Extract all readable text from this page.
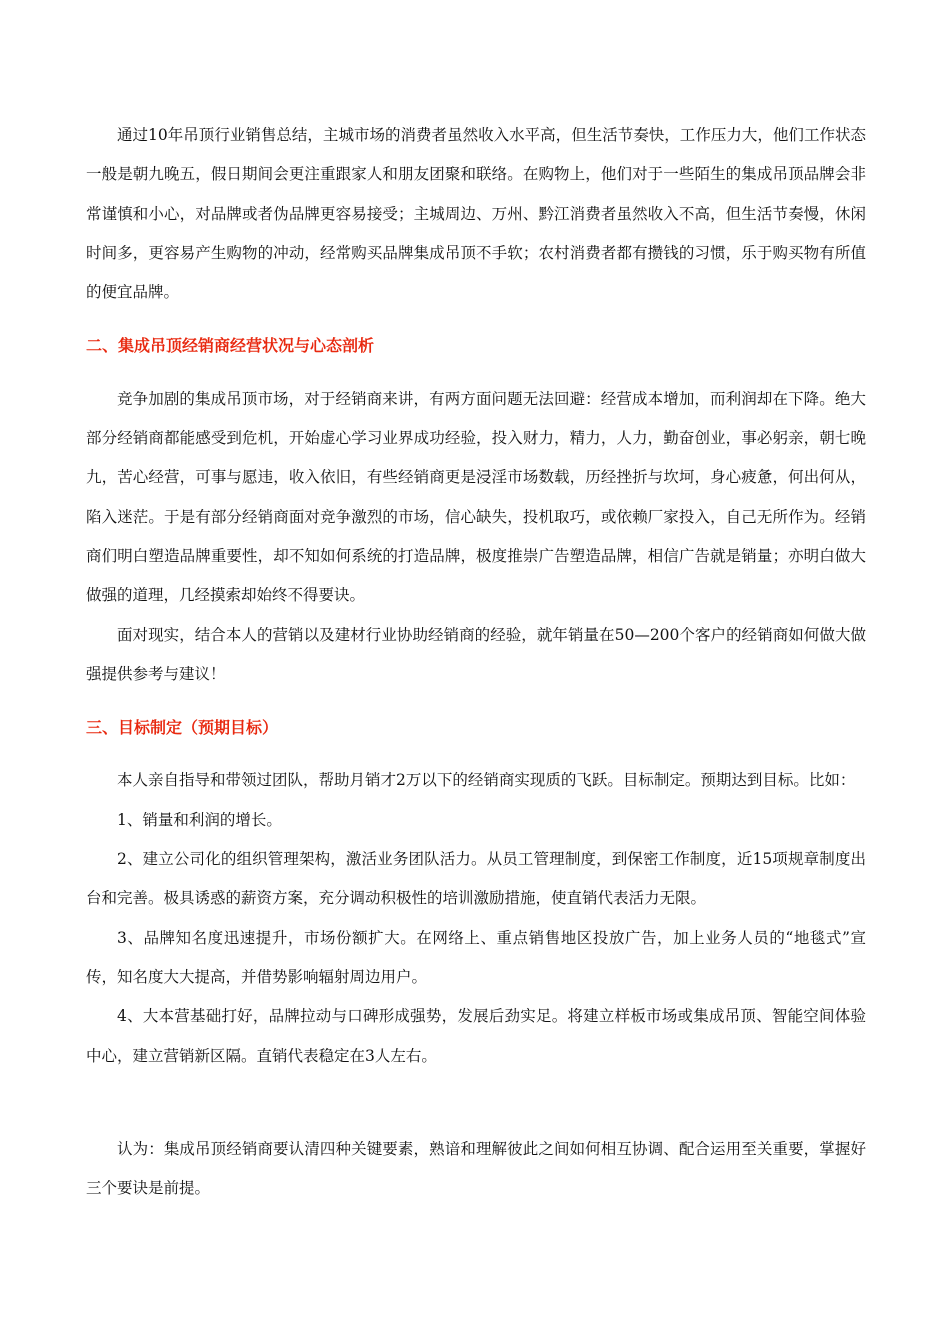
通过10年吊顶行业销售总结，主城市场的消费者虽然收入水平高，但生活节奏快，工作压力大，他们工作状态一般是朝九晚五，假日期间会更注重跟家人和朋友团聚和联络。在购物上，他们对于一些陌生的集成吊顶品牌会非常谨慎和小心，对品牌或者伪品牌更容易接受；主城周边、万州、黔江消费者虽然收入不高，但生活节奏慢，休闲时间多，更容易产生购物的冲动，经常购买品牌集成吊顶不手软；农村消费者都有攒钱的习惯，乐于购买物有所值的便宜品牌。

二、集成吊顶经销商经营状况与心态剖析

竞争加剧的集成吊顶市场，对于经销商来讲，有两方面问题无法回避：经营成本增加，而利润却在下降。绝大部分经销商都能感受到危机，开始虚心学习业界成功经验，投入财力，精力，人力，勤奋创业，事必躬亲，朝七晚九，苦心经营，可事与愿违，收入依旧，有些经销商更是浸淫市场数载，历经挫折与坎坷，身心疲惫，何出何从，陷入迷茫。于是有部分经销商面对竞争激烈的市场，信心缺失，投机取巧，或依赖厂家投入，自己无所作为。经销商们明白塑造品牌重要性，却不知如何系统的打造品牌，极度推崇广告塑造品牌，相信广告就是销量；亦明白做大做强的道理，几经摸索却始终不得要诀。

面对现实，结合本人的营销以及建材行业协助经销商的经验，就年销量在50—200个客户的经销商如何做大做强提供参考与建议！

三、目标制定（预期目标）

本人亲自指导和带领过团队，帮助月销才2万以下的经销商实现质的飞跃。目标制定。预期达到目标。比如：

1、销量和利润的增长。

2、建立公司化的组织管理架构，激活业务团队活力。从员工管理制度，到保密工作制度，近15项规章制度出台和完善。极具诱惑的薪资方案，充分调动积极性的培训激励措施，使直销代表活力无限。

3、品牌知名度迅速提升，市场份额扩大。在网络上、重点销售地区投放广告，加上业务人员的“地毯式”宣传，知名度大大提高，并借势影响辐射周边用户。

4、大本营基础打好，品牌拉动与口碑形成强势，发展后劲实足。将建立样板市场或集成吊顶、智能空间体验中心，建立营销新区隔。直销代表稳定在3人左右。

认为：集成吊顶经销商要认清四种关键要素，熟谙和理解彼此之间如何相互协调、配合运用至关重要，掌握好三个要诀是前提。
